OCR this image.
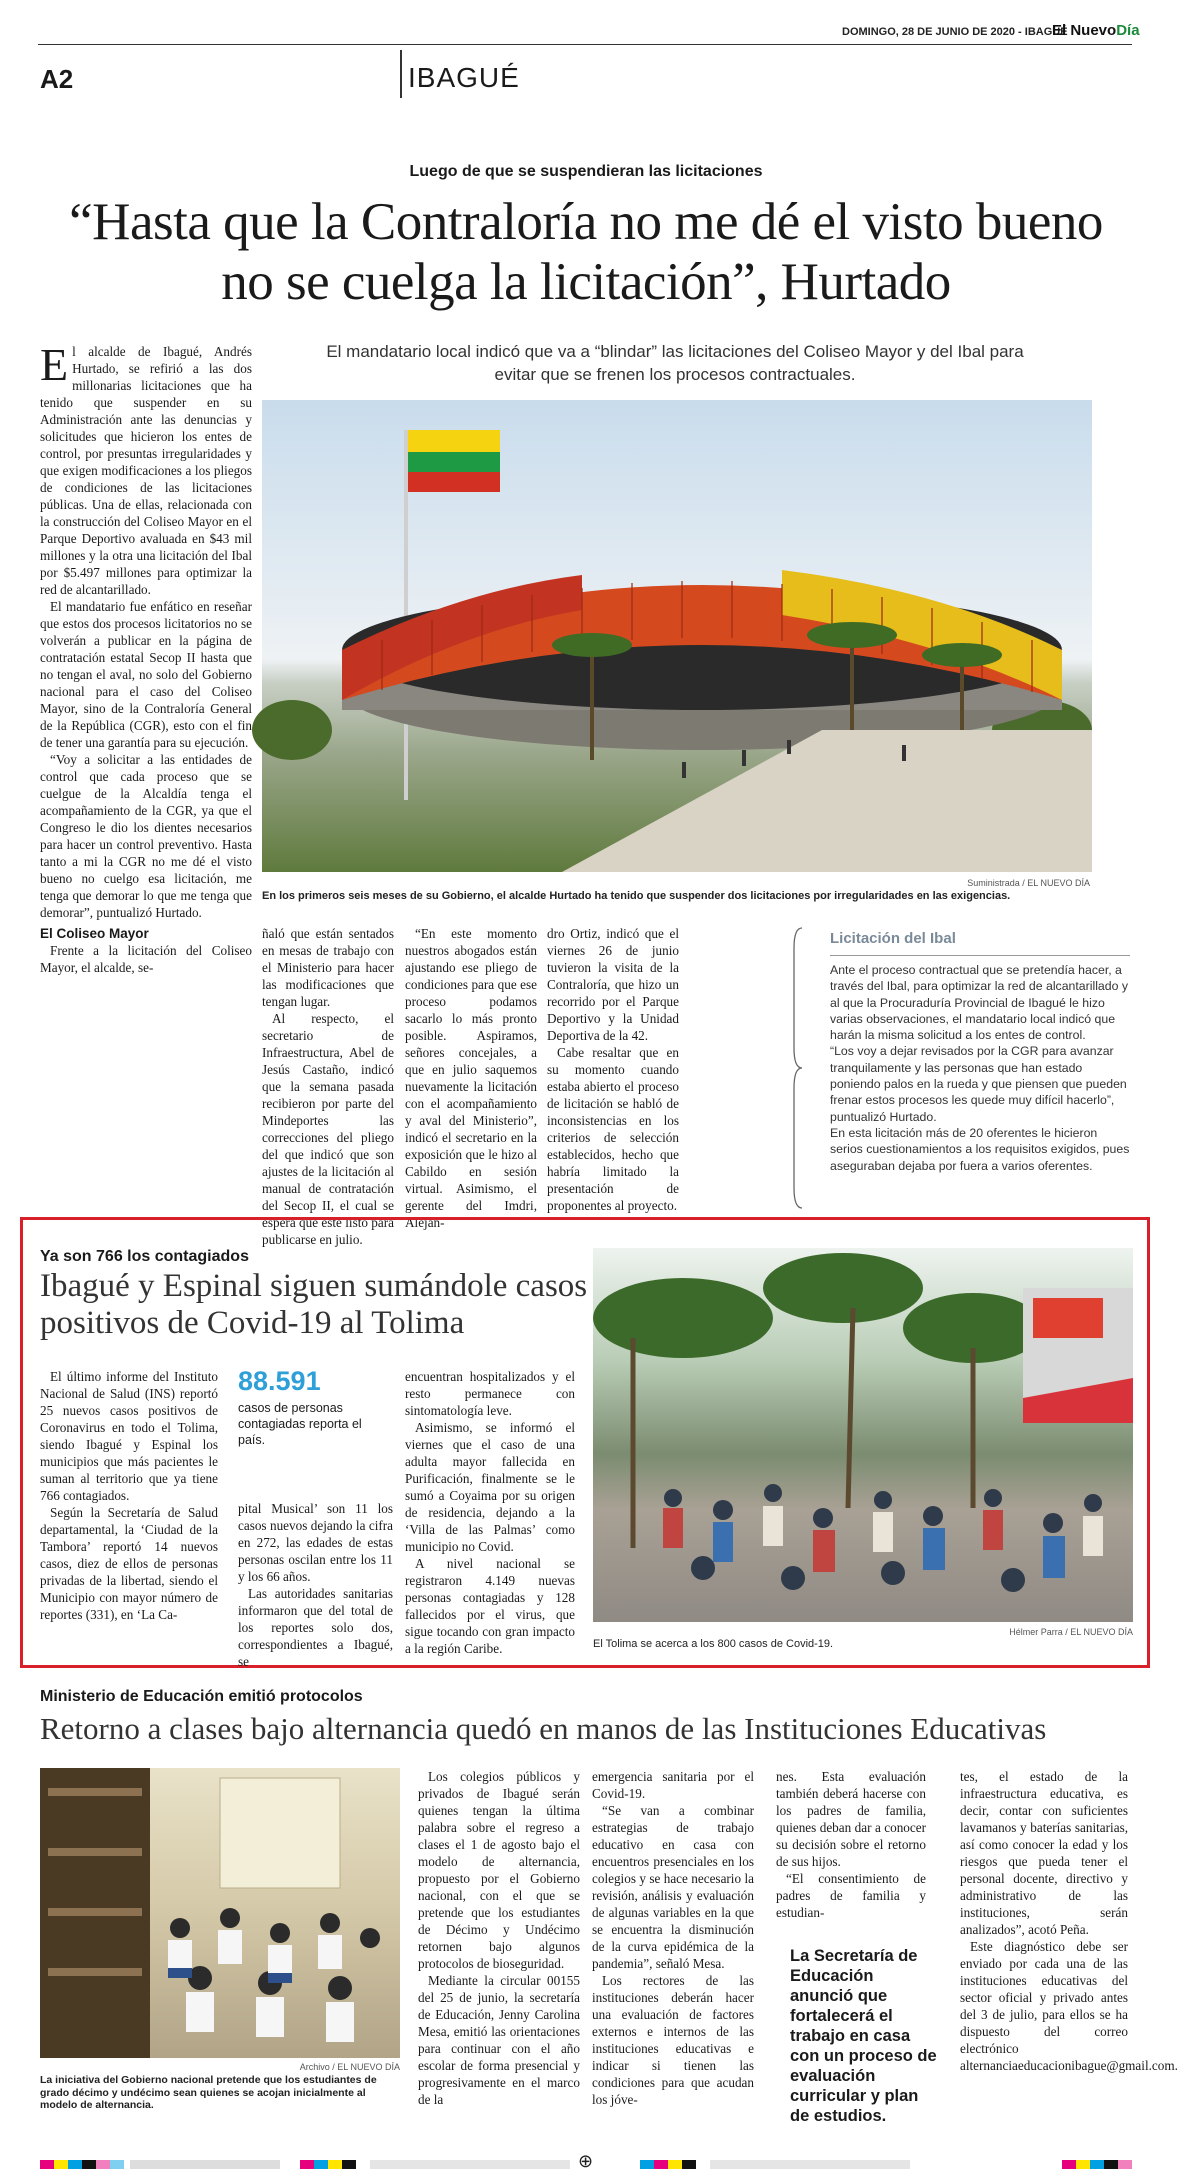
DOMINGO, 28 DE JUNIO DE 2020 - IBAGUÉ
El NuevoDía
A2	IBAGUÉ
Luego de que se suspendieran las licitaciones
“Hasta que la Contraloría no me dé el visto bueno no se cuelga la licitación”, Hurtado
El mandatario local indicó que va a “blindar” las licitaciones del Coliseo Mayor y del Ibal para evitar que se frenen los procesos contractuales.

El alcalde de Ibagué, Andrés Hurtado, se refirió a las dos millonarias licitaciones que ha tenido que suspender en su Administración ante las denuncias y solicitudes que hicieron los entes de control, por presuntas irregularidades y que exigen modificaciones a los pliegos de condiciones de las licitaciones públicas. Una de ellas, relacionada con la construcción del Coliseo Mayor en el Parque Deportivo avaluada en $43 mil millones y la otra una licitación del Ibal por $5.497 millones para optimizar la red de alcantarillado.

El mandatario fue enfático en reseñar que estos dos procesos licitatorios no se volverán a publicar en la página de contratación estatal Secop II hasta que no tengan el aval, no solo del Gobierno nacional para el caso del Coliseo Mayor, sino de la Contraloría General de la República (CGR), esto con el fin de tener una garantía para su ejecución.

“Voy a solicitar a las entidades de control que cada proceso que se cuelgue de la Alcaldía tenga el acompañamiento de la CGR, ya que el Congreso le dio los dientes necesarios para hacer un control preventivo. Hasta tanto a mi la CGR no me dé el visto bueno no cuelgo esa licitación, me tenga que demorar lo que me tenga que demorar”, puntualizó Hurtado.

El Coliseo Mayor

Frente a la licitación del Coliseo Mayor, el alcalde, se-

Suministrada / EL NUEVO DÍA
En los primeros seis meses de su Gobierno, el alcalde Hurtado ha tenido que suspender dos licitaciones por irregularidades en las exigencias.

ñaló que están sentados en mesas de trabajo con el Ministerio para hacer las modificaciones que tengan lugar.

Al respecto, el secretario de Infraestructura, Abel de Jesús Castaño, indicó que la semana pasada recibieron por parte del Mindeportes las correcciones del pliego del que indicó que son ajustes de la licitación al manual de contratación del Secop II, el cual se espera que esté listo para publicarse en julio.

“En este momento nuestros abogados están ajustando ese pliego de condiciones para que ese proceso podamos sacarlo lo más pronto posible. Aspiramos, señores concejales, a que en julio saquemos nuevamente la licitación con el acompañamiento y aval del Ministerio”, indicó el secretario en la exposición que le hizo al Cabildo en sesión virtual. Asimismo, el gerente del Imdri, Alejan-

dro Ortiz, indicó que el viernes 26 de junio tuvieron la visita de la Contraloría, que hizo un recorrido por el Parque Deportivo y la Unidad Deportiva de la 42.

Cabe resaltar que en su momento cuando estaba abierto el proceso de licitación se habló de inconsistencias en los criterios de selección establecidos, hecho que habría limitado la presentación de proponentes al proyecto.

Licitación del Ibal

Ante el proceso contractual que se pretendía hacer, a través del Ibal, para optimizar la red de alcantarillado y al que la Procuraduría Provincial de Ibagué le hizo varias observaciones, el mandatario local indicó que harán la misma solicitud a los entes de control.

“Los voy a dejar revisados por la CGR para avanzar tranquilamente y las personas que han estado poniendo palos en la rueda y que piensen que pueden frenar estos procesos les quede muy difícil hacerlo”, puntualizó Hurtado.

En esta licitación más de 20 oferentes le hicieron serios cuestionamientos a los requisitos exigidos, pues aseguraban dejaba por fuera a varios oferentes.

Ya son 766 los contagiados
Ibagué y Espinal siguen sumándole casos positivos de Covid-19 al Tolima

El último informe del Instituto Nacional de Salud (INS) reportó 25 nuevos casos positivos de Coronavirus en todo el Tolima, siendo Ibagué y Espinal los municipios que más pacientes le suman al territorio que ya tiene 766 contagiados.

Según la Secretaría de Salud departamental, la ‘Ciudad de la Tambora’ reportó 14 nuevos casos, diez de ellos de personas privadas de la libertad, siendo el Municipio con mayor número de reportes (331), en ‘La Ca-

88.591
casos de personas contagiadas reporta el país.

pital Musical’ son 11 los casos nuevos dejando la cifra en 272, las edades de estas personas oscilan entre los 11 y los 66 años.

Las autoridades sanitarias informaron que del total de los reportes solo dos, correspondientes a Ibagué, se

encuentran hospitalizados y el resto permanece con sintomatología leve.

Asimismo, se informó el viernes que el caso de una adulta mayor fallecida en Purificación, finalmente se le sumó a Coyaima por su origen de residencia, dejando a la ‘Villa de las Palmas’ como municipio no Covid.

A nivel nacional se registraron 4.149 nuevas personas contagiadas y 128 fallecidos por el virus, que sigue tocando con gran impacto a la región Caribe.

Hélmer Parra / EL NUEVO DÍA
El Tolima se acerca a los 800 casos de Covid-19.
Ministerio de Educación emitió protocolos
Retorno a clases bajo alternancia quedó en manos de las Instituciones Educativas
Archivo / EL NUEVO DÍA
La iniciativa del Gobierno nacional pretende que los estudiantes de grado décimo y undécimo sean quienes se acojan inicialmente al modelo de alternancia.

Los colegios públicos y privados de Ibagué serán quienes tengan la última palabra sobre el regreso a clases el 1 de agosto bajo el modelo de alternancia, propuesto por el Gobierno nacional, con el que se pretende que los estudiantes de Décimo y Undécimo retornen bajo algunos protocolos de bioseguridad.

Mediante la circular 00155 del 25 de junio, la secretaría de Educación, Jenny Carolina Mesa, emitió las orientaciones para continuar con el año escolar de forma presencial y progresivamente en el marco de la

emergencia sanitaria por el Covid-19.

“Se van a combinar estrategias de trabajo educativo en casa con encuentros presenciales en los colegios y se hace necesario la revisión, análisis y evaluación de algunas variables en la que se encuentra la disminución de la curva epidémica de la pandemia”, señaló Mesa.

Los rectores de las instituciones deberán hacer una evaluación de factores externos e internos de las instituciones educativas e indicar si tienen las condiciones para que acudan los jóve-

nes. Esta evaluación también deberá hacerse con los padres de familia, quienes deban dar a conocer su decisión sobre el retorno de sus hijos.

“El consentimiento de padres de familia y estudian-

La Secretaría de Educación anunció que fortalecerá el trabajo en casa con un proceso de evaluación curricular y plan de estudios.

tes, el estado de la infraestructura educativa, es decir, contar con suficientes lavamanos y baterías sanitarias, así como conocer la edad y los riesgos que pueda tener el personal docente, directivo y administrativo de las instituciones, serán analizados”, acotó Peña.

Este diagnóstico debe ser enviado por cada una de las instituciones educativas del sector oficial y privado antes del 3 de julio, para ellos se ha dispuesto del correo electrónico alternanciaeducacionibague@gmail.com.

⊕
